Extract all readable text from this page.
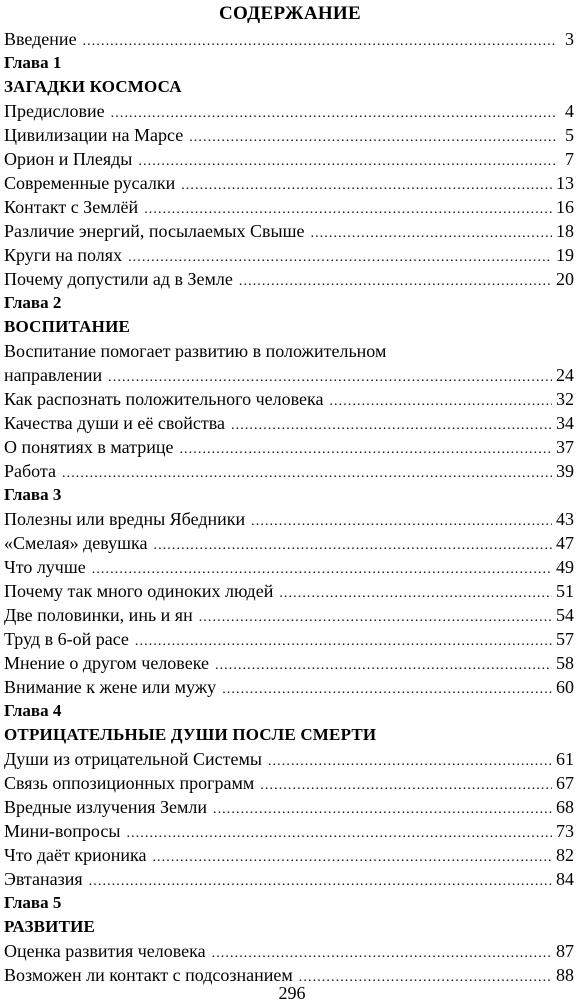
СОДЕРЖАНИЕ
Введение . . .	3
Глава 1
ЗАГАДКИ КОСМОСА
Предисловие . . .	4
Цивилизации на Марсе . . .	5
Орион и Плеяды . . .	7
Современные русалки . . .	13
Контакт с Землёй . . .	16
Различие энергий, посылаемых Свыше . . .	18
Круги на полях . . .	19
Почему допустили ад в Земле . . .	20
Глава 2
ВОСПИТАНИЕ
Воспитание помогает развитию в положительном
направлении . . .	24
Как распознать положительного человека . . .	32
Качества души и её свойства . . .	34
О понятиях в матрице . . .	37
Работа . . .	39
Глава 3
Полезны или вредны Ябедники . . .	43
«Смелая» девушка . . .	47
Что лучше . . .	49
Почему так много одиноких людей . . .	51
Две половинки, инь и ян . . .	54
Труд в 6-ой расе . . .	57
Мнение о другом человеке . . .	58
Внимание к жене или мужу . . .	60
Глава 4
ОТРИЦАТЕЛЬНЫЕ ДУШИ ПОСЛЕ СМЕРТИ
Души из отрицательной Системы . . .	61
Связь оппозиционных программ . . .	67
Вредные излучения Земли . . .	68
Мини-вопросы . . .	73
Что даёт крионика . . .	82
Эвтаназия . . .	84
Глава 5
РАЗВИТИЕ
Оценка развития человека . . .	87
Возможен ли контакт с подсознанием . . .	88
296
